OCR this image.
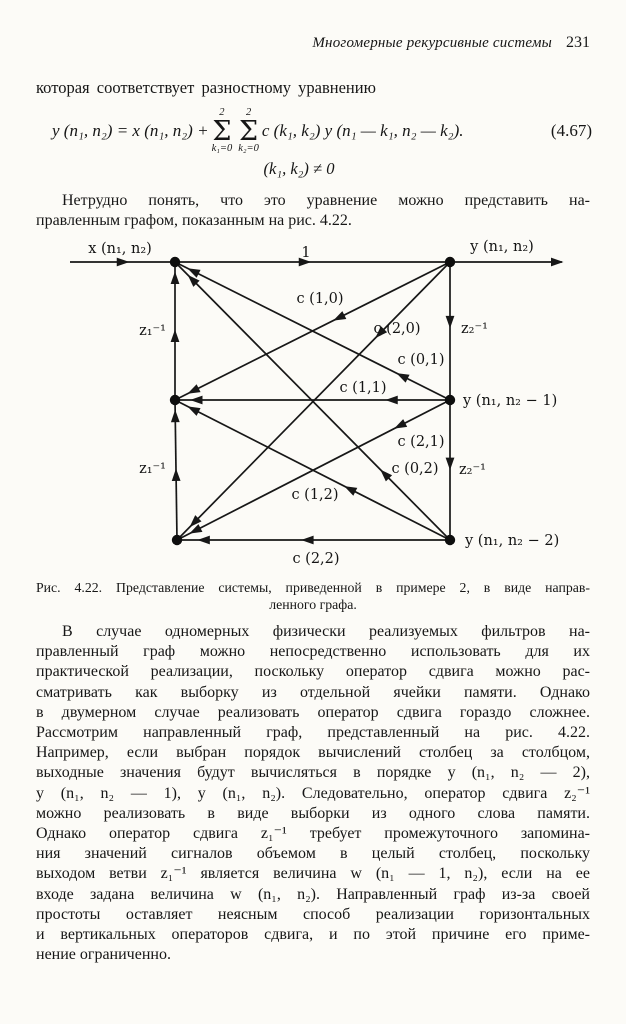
Многомерные рекурсивные системы 231
которая соответствует разностному уравнению
y (n₁, n₂) = x (n₁, n₂) +
2
Σ
k₁=0
2
Σ
k₂=0
c (k₁, k₂) y (n₁ — k₁, n₂ — k₂).	(4.67)
(k₁, k₂) ≠ 0
Нетрудно понять, что это уравнение можно представить на-
правленным графом, показанным на рис. 4.22.
x (n₁, n₂)	1	y (n₁, n₂)
z₁⁻¹
z₁⁻¹
z₂⁻¹
z₂⁻¹
c (1,0)
c (2,0)
c (0,1)
c (1,1)
c (2,1)
c (0,2)
c (1,2)
c (2,2)
y (n₁, n₂ − 1)
y (n₁, n₂ − 2)
Рис. 4.22. Представление системы, приведенной в примере 2, в виде направ-
ленного графа.
В случае одномерных физически реализуемых фильтров на-
правленный граф можно непосредственно использовать для их
практической реализации, поскольку оператор сдвига можно рас-
сматривать как выборку из отдельной ячейки памяти. Однако
в двумерном случае реализовать оператор сдвига гораздо сложнее.
Рассмотрим направленный граф, представленный на рис. 4.22.
Например, если выбран порядок вычислений столбец за столбцом,
выходные значения будут вычисляться в порядке y (n₁, n₂ — 2),
y (n₁, n₂ — 1), y (n₁, n₂). Следовательно, оператор сдвига z₂⁻¹
можно реализовать в виде выборки из одного слова памяти.
Однако оператор сдвига z₁⁻¹ требует промежуточного запомина-
ния значений сигналов объемом в целый столбец, поскольку
выходом ветви z₁⁻¹ является величина w (n₁ — 1, n₂), если на ее
входе задана величина w (n₁, n₂). Направленный граф из-за своей
простоты оставляет неясным способ реализации горизонтальных
и вертикальных операторов сдвига, и по этой причине его приме-
нение ограниченно.
